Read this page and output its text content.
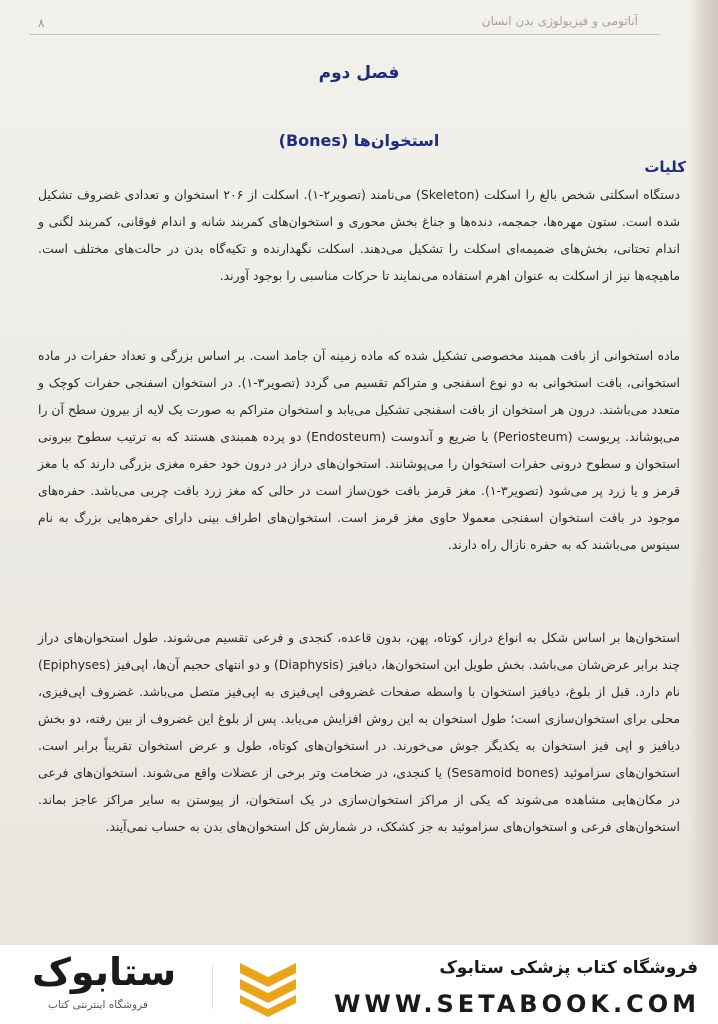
۸	آناتومی و فیزیولوژی بدن انسان
فصل دوم
استخوان‌ها (Bones)
کلیات

دستگاه اسکلتی شخص بالغ را اسکلت (Skeleton) می‌نامند (تصویر۲-۱). اسکلت از ۲۰۶ استخوان و تعدادی غضروف تشکیل شده است. ستون مهره‌ها، جمجمه، دنده‌ها و جناغ بخش محوری و استخوان‌های کمربند شانه و اندام فوقانی، کمربند لگنی و اندام تحتانی، بخش‌های ضمیمه‌ای اسکلت را تشکیل می‌دهند. اسکلت نگهدارنده و تکیه‌گاه بدن در حالت‌های مختلف است. ماهیچه‌ها نیز از اسکلت به عنوان اهرم استفاده می‌نمایند تا حرکات مناسبی را بوجود آورند.

ماده استخوانی از بافت همبند مخصوصی تشکیل شده که ماده زمینه آن جامد است. بر اساس بزرگی و تعداد حفرات در ماده استخوانی، بافت استخوانی به دو نوع اسفنجی و متراکم تقسیم می گردد (تصویر۳-۱). در استخوان اسفنجی حفرات کوچک و متعدد می‌باشند. درون هر استخوان از بافت اسفنجی تشکیل می‌یابد و استخوان متراکم به صورت یک لایه از بیرون سطح آن را می‌پوشاند. پریوست (Periosteum) یا ضریع و آندوست (Endosteum) دو پرده همبندی هستند که به ترتیب سطوح بیرونی استخوان و سطوح درونی حفرات استخوان را می‌پوشانند. استخوان‌های دراز در درون خود حفره مغزی بزرگی دارند که با مغز قرمز و یا زرد پر می‌شود (تصویر۳-۱). مغز قرمز بافت خون‌ساز است در حالی که مغز زرد بافت چربی می‌باشد. حفره‌های موجود در بافت استخوان اسفنجی معمولا حاوی مغز قرمز است. استخوان‌های اطراف بینی دارای حفره‌هایی بزرگ به نام سینوس می‌باشند که به حفره نازال راه دارند.

استخوان‌ها بر اساس شکل به انواع دراز، کوتاه، پهن، بدون قاعده، کنجدی و فرعی تقسیم می‌شوند. طول استخوان‌های دراز چند برابر عرض‌شان می‌باشد. بخش طویل این استخوان‌ها، دیافیز (Diaphysis) و دو انتهای حجیم آن‌ها، اپی‌فیز (Epiphyses) نام دارد. قبل از بلوغ، دیافیز استخوان با واسطه صفحات غضروفی اپی‌فیزی به اپی‌فیز متصل می‌باشد. غضروف اپی‌فیزی، محلی برای استخوان‌سازی است؛ طول استخوان به این روش افزایش می‌یابد. پس از بلوغ این غضروف از بین رفته، دو بخش دیافیز و اپی فیز استخوان به یکدیگر جوش می‌خورند. در استخوان‌های کوتاه، طول و عرض استخوان تقریباً برابر است. استخوان‌های سزاموئید (Sesamoid bones) یا کنجدی، در ضخامت وتر برخی از عضلات واقع می‌شوند. استخوان‌های فرعی در مکان‌هایی مشاهده می‌شوند که یکی از مراکز استخوان‌سازی در یک استخوان، از پیوستن به سایر مراکز عاجز بماند. استخوان‌های فرعی و استخوان‌های سزاموئید به جز کشکک، در شمارش کل استخوان‌های بدن به حساب نمی‌آیند.

ستابوک
فروشگاه اینترنتی کتاب
فروشگاه کتاب پزشکی ستابوک
WWW.SETABOOK.COM
